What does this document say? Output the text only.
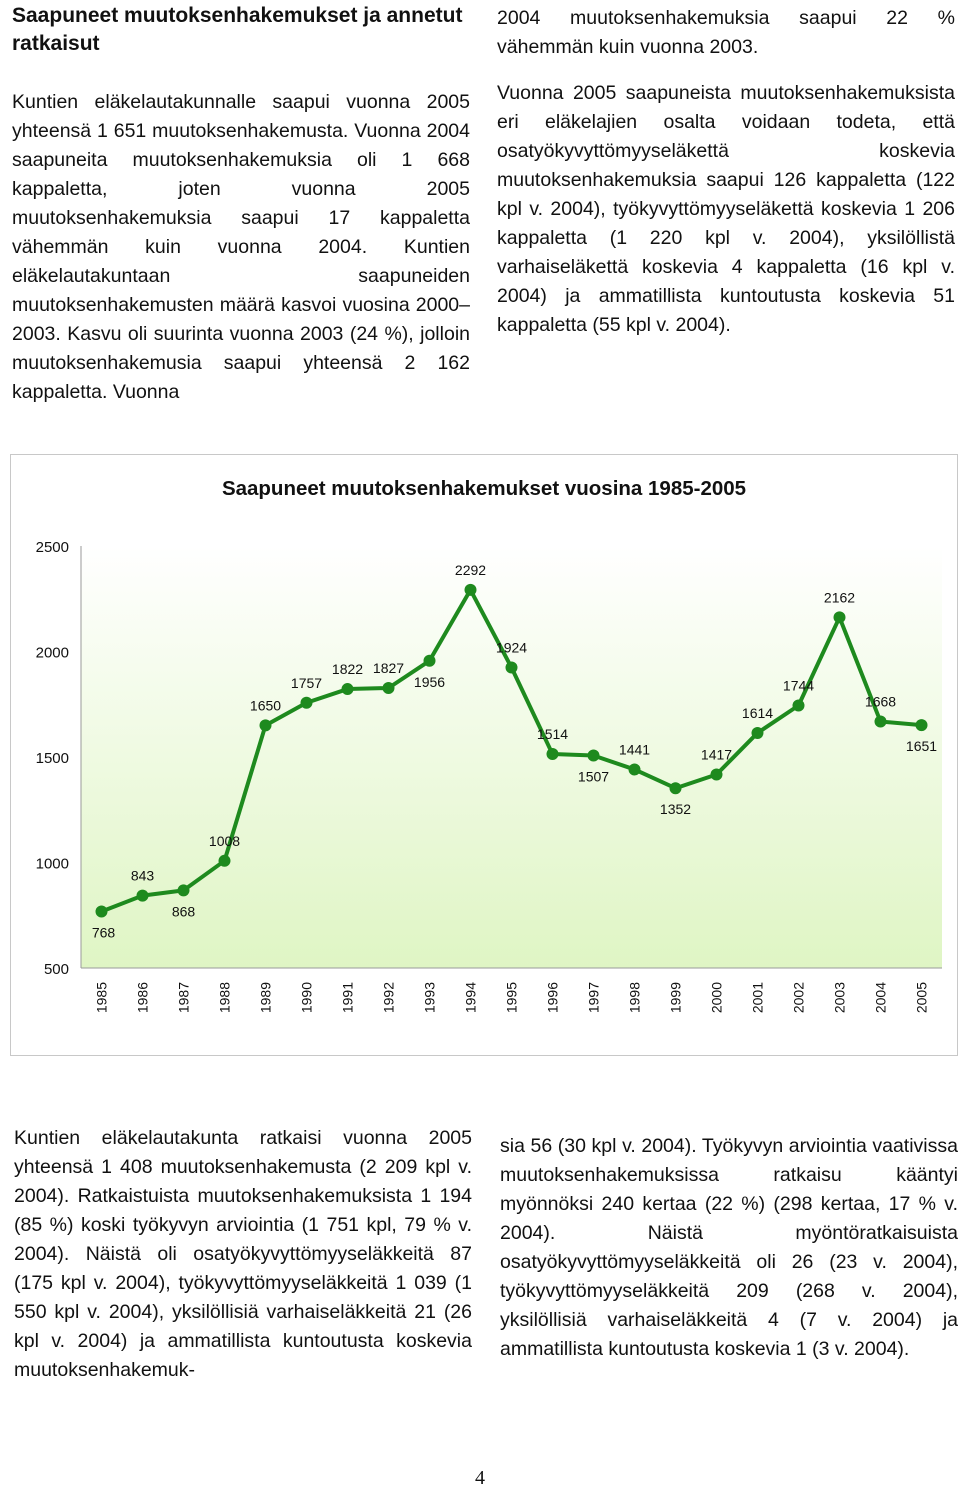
Saapuneet muutoksenhakemukset ja annetut ratkaisut

Kuntien eläkelautakunnalle saapui vuonna 2005 yhteensä 1 651 muutoksenhakemusta. Vuonna 2004 saapuneita muutoksenhakemuksia oli 1 668 kappaletta, joten vuonna 2005 muutoksenhakemuksia saapui 17 kappaletta vähemmän kuin vuonna 2004. Kuntien eläkelautakuntaan saapuneiden muutoksenhakemusten määrä kasvoi vuosina 2000–2003. Kasvu oli suurinta vuonna 2003 (24 %), jolloin muutoksenhakemusia saapui yhteensä 2 162 kappaletta. Vuonna

2004 muutoksenhakemuksia saapui 22 % vähemmän kuin vuonna 2003.

Vuonna 2005 saapuneista muutoksenhakemuksista eri eläkelajien osalta voidaan todeta, että osatyökyvyttömyyseläkettä koskevia muutoksenhakemuksia saapui 126 kappaletta (122 kpl v. 2004), työkyvyttömyyseläkettä koskevia 1 206 kappaletta (1 220 kpl v. 2004), yksilöllistä varhaiseläkettä koskevia 4 kappaletta (16 kpl v. 2004) ja ammatillista kuntoutusta koskevia 51 kappaletta (55 kpl v. 2004).

Saapuneet muutoksenhakemukset vuosina 1985-2005
500
1000
1500
2000
2500
1985 1986 1987 1988 1989 1990 1991 1992 1993 1994 1995 1996 1997 1998 1999 2000 2001 2002 2003 2004 2005
768
843
868
1008
1650
1757
1822 1827
1956
2292
1924
1514
1507
1441
1352
1417
1614
1744
2162
1668
1651

Kuntien eläkelautakunta ratkaisi vuonna 2005 yhteensä 1 408 muutoksenhakemusta (2 209 kpl v. 2004). Ratkaistuista muutoksenhakemuksista 1 194 (85 %) koski työkyvyn arviointia (1 751 kpl, 79 % v. 2004). Näistä oli osatyökyvyttömyyseläkkeitä 87 (175 kpl v. 2004), työkyvyttömyyseläkkeitä 1 039 (1 550 kpl v. 2004), yksilöllisiä varhaiseläkkeitä 21 (26 kpl v. 2004) ja ammatillista kuntoutusta koskevia muutoksenhakemuk-

sia 56 (30 kpl v. 2004). Työkyvyn arviointia vaativissa muutoksenhakemuksissa ratkaisu kääntyi myönnöksi 240 kertaa (22 %) (298 kertaa, 17 % v. 2004). Näistä myöntöratkaisuista osatyökyvyttömyyseläkkeitä oli 26 (23 v. 2004), työkyvyttömyyseläkkeitä 209 (268 v. 2004), yksilöllisiä varhaiseläkkeitä 4 (7 v. 2004) ja ammatillista kuntoutusta koskevia 1 (3 v. 2004).

4
